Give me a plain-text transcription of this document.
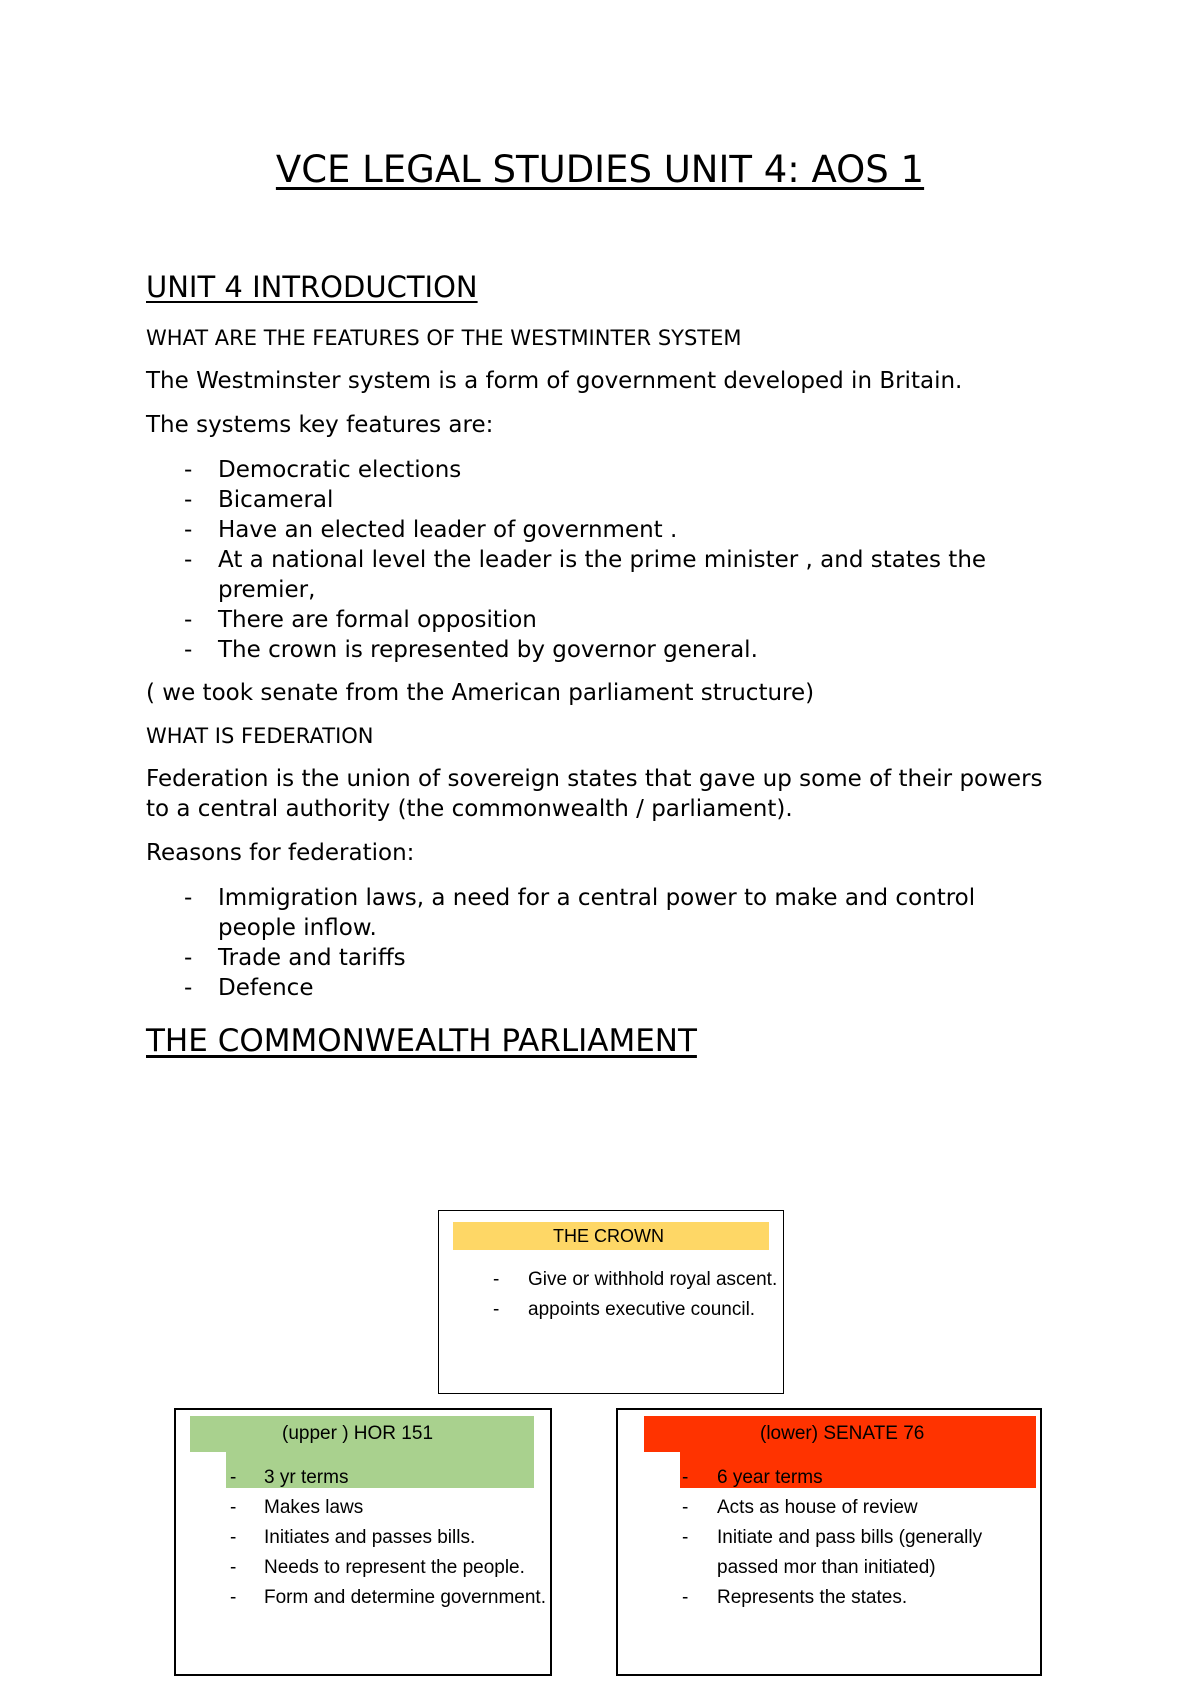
VCE LEGAL STUDIES UNIT 4: AOS 1
UNIT 4 INTRODUCTION
WHAT ARE THE FEATURES OF THE WESTMINTER SYSTEM

The Westminster system is a form of government developed in Britain.

The systems key features are:

- Democratic elections
- Bicameral
- Have an elected leader of government .
- At a national level the leader is the prime minister , and states the premier,
- There are formal opposition
- The crown is represented by governor general.

( we took senate from the American parliament structure)

WHAT IS FEDERATION

Federation is the union of sovereign states that gave up some of their powers to a central authority (the commonwealth / parliament).

Reasons for federation:

- Immigration laws, a need for a central power to make and control people inflow.
- Trade and tariffs
- Defence
THE COMMONWEALTH PARLIAMENT
THE CROWN
- Give or withhold royal ascent.
- appoints executive council.
(upper ) HOR 151
- 3 yr terms
- Makes laws
- Initiates and passes bills.
- Needs to represent the people.
- Form and determine government.
(lower) SENATE 76
- 6 year terms
- Acts as house of review
- Initiate and pass bills (generally passed mor than initiated)
- Represents the states.
